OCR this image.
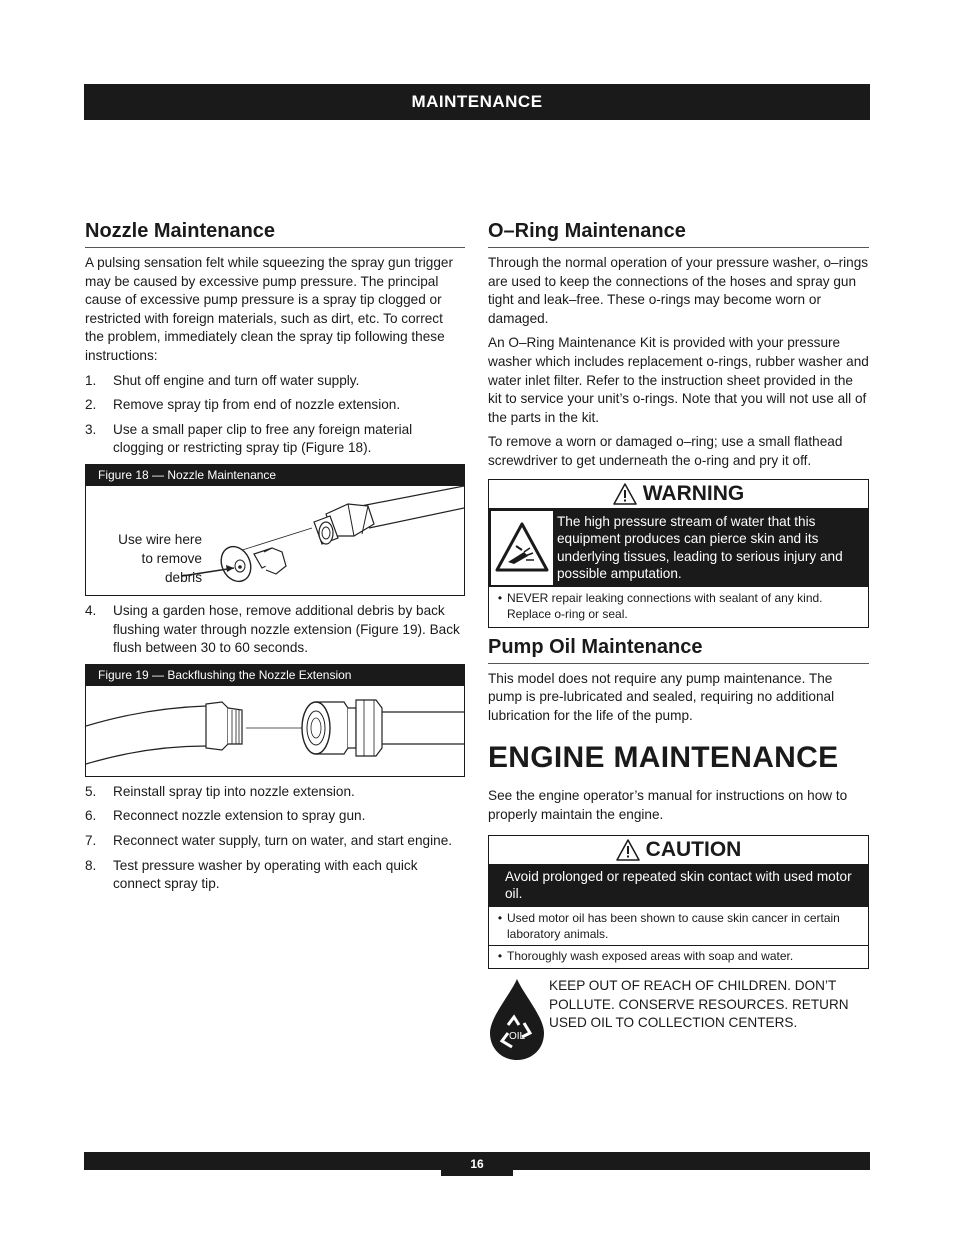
MAINTENANCE
Nozzle Maintenance

A pulsing sensation felt while squeezing the spray gun trigger may be caused by excessive pump pressure. The principal cause of excessive pump pressure is a spray tip clogged or restricted with foreign materials, such as dirt, etc. To correct the problem, immediately clean the spray tip following these instructions:

1.	Shut off engine and turn off water supply.
2.	Remove spray tip from end of nozzle extension.
3.	Use a small paper clip to free any foreign material clogging or restricting spray tip (Figure 18).
Figure 18 — Nozzle Maintenance
Use wire here
to remove
debris
4.	Using a garden hose, remove additional debris by back flushing water through nozzle extension (Figure 19). Back flush between 30 to 60 seconds.
Figure 19 — Backflushing the Nozzle Extension
5.	Reinstall spray tip into nozzle extension.
6.	Reconnect nozzle extension to spray gun.
7.	Reconnect water supply, turn on water, and start engine.
8.	Test pressure washer by operating with each quick connect spray tip.
O–Ring Maintenance

Through the normal operation of your pressure washer, o–rings are used to keep the connections of the hoses and spray gun tight and leak–free. These o-rings may become worn or damaged.

An O–Ring Maintenance Kit is provided with your pressure washer which includes replacement o-rings, rubber washer and water inlet filter. Refer to the instruction sheet provided in the kit to service your unit’s o-rings. Note that you will not use all of the parts in the kit.

To remove a worn or damaged o–ring; use a small flathead screwdriver to get underneath the o-ring and pry it off.

WARNING
The high pressure stream of water that this equipment produces can pierce skin and its underlying tissues, leading to serious injury and possible amputation.
• NEVER repair leaking connections with sealant of any kind. Replace o-ring or seal.
Pump Oil Maintenance

This model does not require any pump maintenance. The pump is pre-lubricated and sealed, requiring no additional lubrication for the life of the pump.

ENGINE MAINTENANCE

See the engine operator’s manual for instructions on how to properly maintain the engine.

CAUTION
Avoid prolonged or repeated skin contact with used motor oil.
• Used motor oil has been shown to cause skin cancer in certain laboratory animals.
• Thoroughly wash exposed areas with soap and water.
OIL
KEEP OUT OF REACH OF CHILDREN. DON’T POLLUTE. CONSERVE RESOURCES. RETURN USED OIL TO COLLECTION CENTERS.
16
